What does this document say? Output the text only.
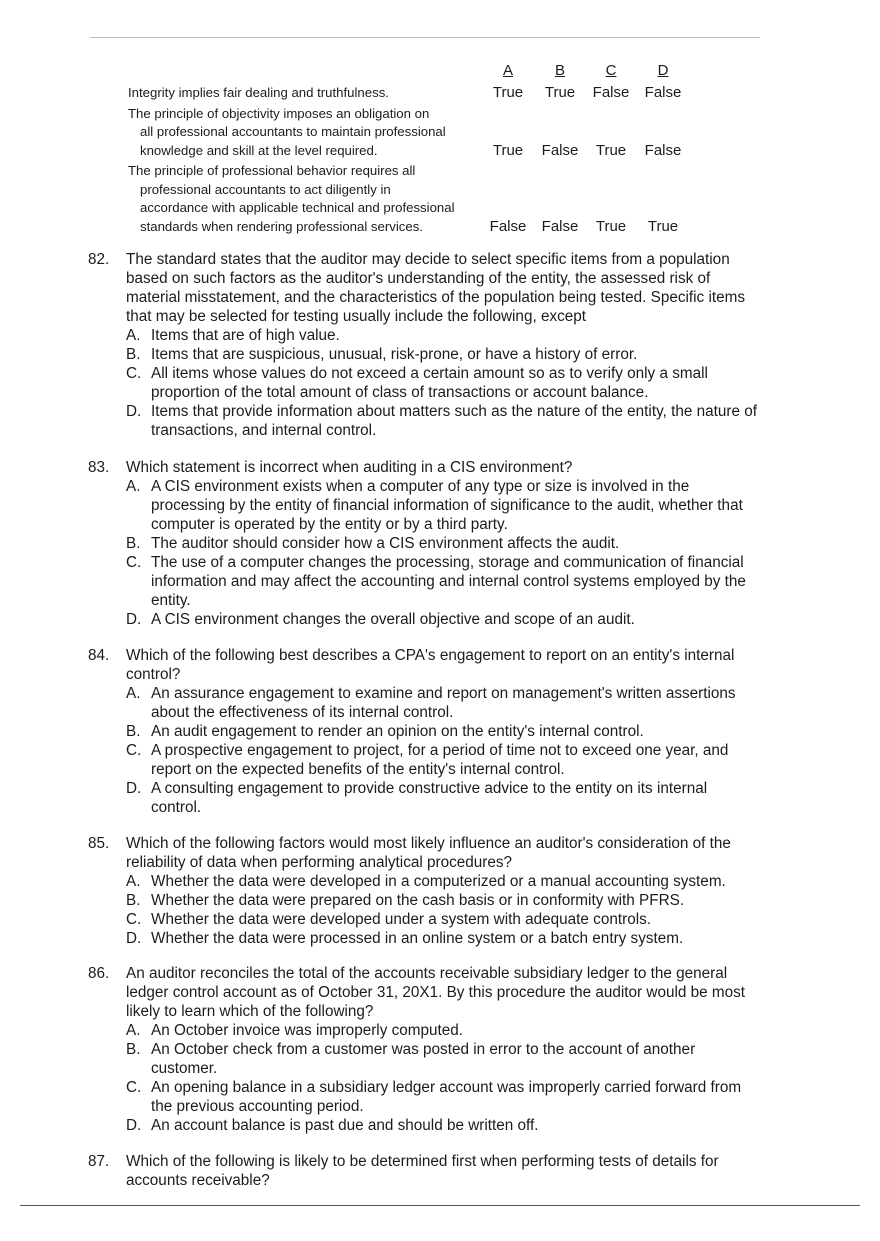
A	B	C	D
Integrity implies fair dealing and truthfulness.	True	True	False	False
The principle of objectivity imposes an obligation on
all professional accountants to maintain professional
knowledge and skill at the level required.	True	False	True	False
The principle of professional behavior requires all
professional accountants to act diligently in
accordance with applicable technical and professional
standards when rendering professional services.	False	False	True	True
82. The standard states that the auditor may decide to select specific items from a population based on such factors as the auditor's understanding of the entity, the assessed risk of material misstatement, and the characteristics of the population being tested. Specific items that may be selected for testing usually include the following, except
A. Items that are of high value.
B. Items that are suspicious, unusual, risk-prone, or have a history of error.
C. All items whose values do not exceed a certain amount so as to verify only a small proportion of the total amount of class of transactions or account balance.
D. Items that provide information about matters such as the nature of the entity, the nature of transactions, and internal control.
83. Which statement is incorrect when auditing in a CIS environment?
A. A CIS environment exists when a computer of any type or size is involved in the processing by the entity of financial information of significance to the audit, whether that computer is operated by the entity or by a third party.
B. The auditor should consider how a CIS environment affects the audit.
C. The use of a computer changes the processing, storage and communication of financial information and may affect the accounting and internal control systems employed by the entity.
D. A CIS environment changes the overall objective and scope of an audit.
84. Which of the following best describes a CPA's engagement to report on an entity's internal control?
A. An assurance engagement to examine and report on management's written assertions about the effectiveness of its internal control.
B. An audit engagement to render an opinion on the entity's internal control.
C. A prospective engagement to project, for a period of time not to exceed one year, and report on the expected benefits of the entity's internal control.
D. A consulting engagement to provide constructive advice to the entity on its internal control.
85. Which of the following factors would most likely influence an auditor's consideration of the reliability of data when performing analytical procedures?
A. Whether the data were developed in a computerized or a manual accounting system.
B. Whether the data were prepared on the cash basis or in conformity with PFRS.
C. Whether the data were developed under a system with adequate controls.
D. Whether the data were processed in an online system or a batch entry system.
86. An auditor reconciles the total of the accounts receivable subsidiary ledger to the general ledger control account as of October 31, 20X1. By this procedure the auditor would be most likely to learn which of the following?
A. An October invoice was improperly computed.
B. An October check from a customer was posted in error to the account of another customer.
C. An opening balance in a subsidiary ledger account was improperly carried forward from the previous accounting period.
D. An account balance is past due and should be written off.
87. Which of the following is likely to be determined first when performing tests of details for accounts receivable?
